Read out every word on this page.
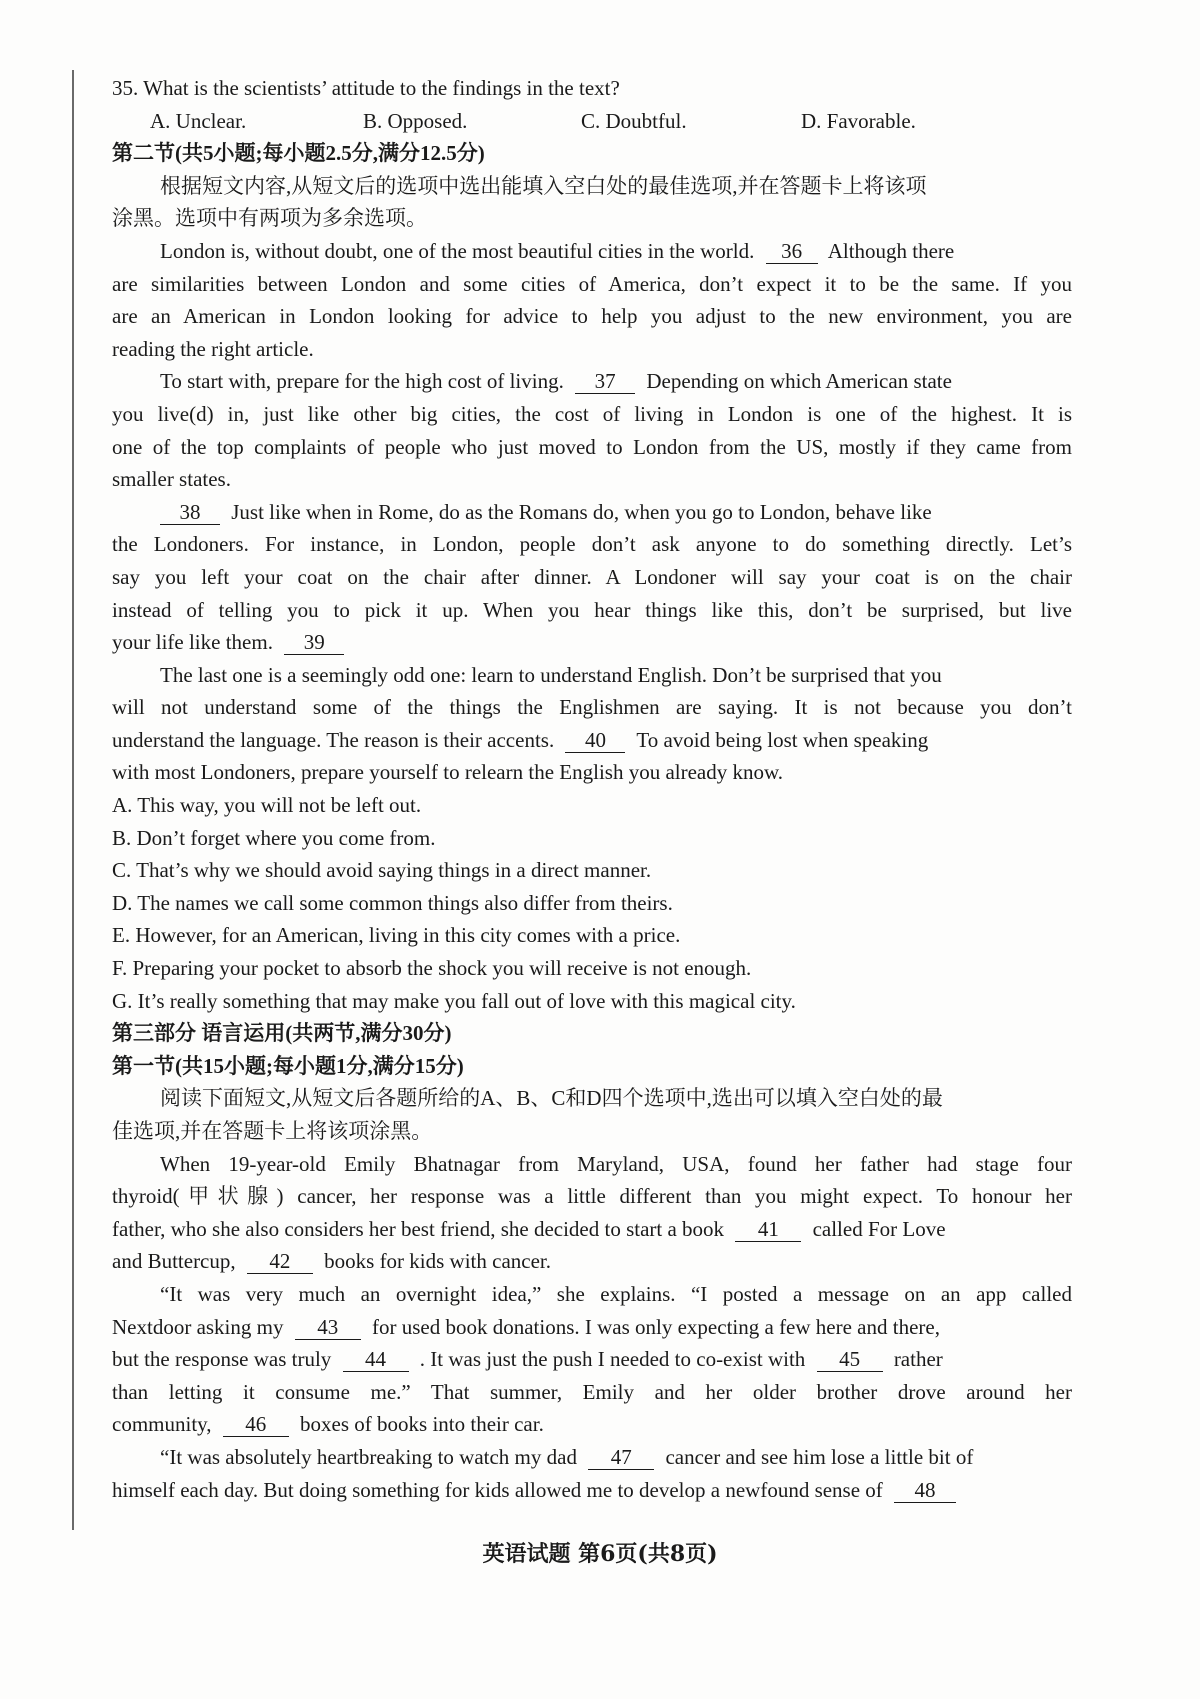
35. What is the scientists’ attitude to the findings in the text?
A. Unclear.	B. Opposed.	C. Doubtful.	D. Favorable.
第二节(共5小题;每小题2.5分,满分12.5分)
根据短文内容,从短文后的选项中选出能填入空白处的最佳选项,并在答题卡上将该项
涂黑。选项中有两项为多余选项。
London is, without doubt, one of the most beautiful cities in the world. 36 Although there
are similarities between London and some cities of America, don’t expect it to be the same. If you
are an American in London looking for advice to help you adjust to the new environment, you are
reading the right article.
To start with, prepare for the high cost of living. 37 Depending on which American state
you live(d) in, just like other big cities, the cost of living in London is one of the highest. It is
one of the top complaints of people who just moved to London from the US, mostly if they came from
smaller states.
38 Just like when in Rome, do as the Romans do, when you go to London, behave like
the Londoners. For instance, in London, people don’t ask anyone to do something directly. Let’s
say you left your coat on the chair after dinner. A Londoner will say your coat is on the chair
instead of telling you to pick it up. When you hear things like this, don’t be surprised, but live
your life like them. 39
The last one is a seemingly odd one: learn to understand English. Don’t be surprised that you
will not understand some of the things the Englishmen are saying. It is not because you don’t
understand the language. The reason is their accents. 40 To avoid being lost when speaking
with most Londoners, prepare yourself to relearn the English you already know.
A. This way, you will not be left out.
B. Don’t forget where you come from.
C. That’s why we should avoid saying things in a direct manner.
D. The names we call some common things also differ from theirs.
E. However, for an American, living in this city comes with a price.
F. Preparing your pocket to absorb the shock you will receive is not enough.
G. It’s really something that may make you fall out of love with this magical city.
第三部分 语言运用(共两节,满分30分)
第一节(共15小题;每小题1分,满分15分)
阅读下面短文,从短文后各题所给的A、B、C和D四个选项中,选出可以填入空白处的最
佳选项,并在答题卡上将该项涂黑。
When 19-year-old Emily Bhatnagar from Maryland, USA, found her father had stage four
thyroid(甲状腺) cancer, her response was a little different than you might expect. To honour her
father, who she also considers her best friend, she decided to start a book 41 called For Love
and Buttercup, 42 books for kids with cancer.
“It was very much an overnight idea,” she explains. “I posted a message on an app called
Nextdoor asking my 43 for used book donations. I was only expecting a few here and there,
but the response was truly 44 . It was just the push I needed to co-exist with 45 rather
than letting it consume me.” That summer, Emily and her older brother drove around her
community, 46 boxes of books into their car.
“It was absolutely heartbreaking to watch my dad 47 cancer and see him lose a little bit of
himself each day. But doing something for kids allowed me to develop a newfound sense of 48
英语试题 第6页(共8页)
